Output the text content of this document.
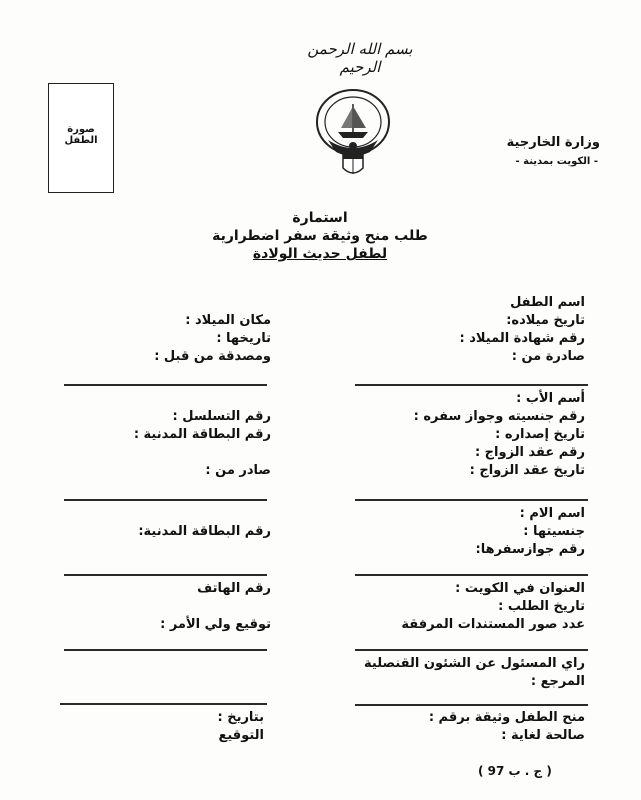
بسم الله الرحمن الرحيم
وزارة الخارجية
- الكويت بمدينة -
صورة الطفل
استمارة
طلب منح وثيقة سفر اضطرارية
لطفل حديث الولادة
اسم الطفل
تاريخ ميلاده:
رقم شهادة الميلاد :
صادرة من :
مكان الميلاد :
تاريخها :
ومصدقة من قبل :
أسم الأب :
رقم جنسيته وجواز سفره :
تاريخ إصداره :
رقم عقد الزواج :
تاريخ عقد الزواج :
رقم التسلسل :
رقم البطاقة المدنية :
صادر من :
اسم الام :
جنسيتها :
رقم جوازسفرها:
رقم البطاقة المدنية:
العنوان في الكويت :
تاريخ الطلب :
عدد صور المستندات المرفقة
رقم الهاتف
توقيع ولي الأمر :
راي المسئول عن الشئون القنصلية
المرجع :
منح الطفل وثيقة برقم :
صالحة لغاية :
بتاريخ :
التوقيع
( ج . ب 97 )
